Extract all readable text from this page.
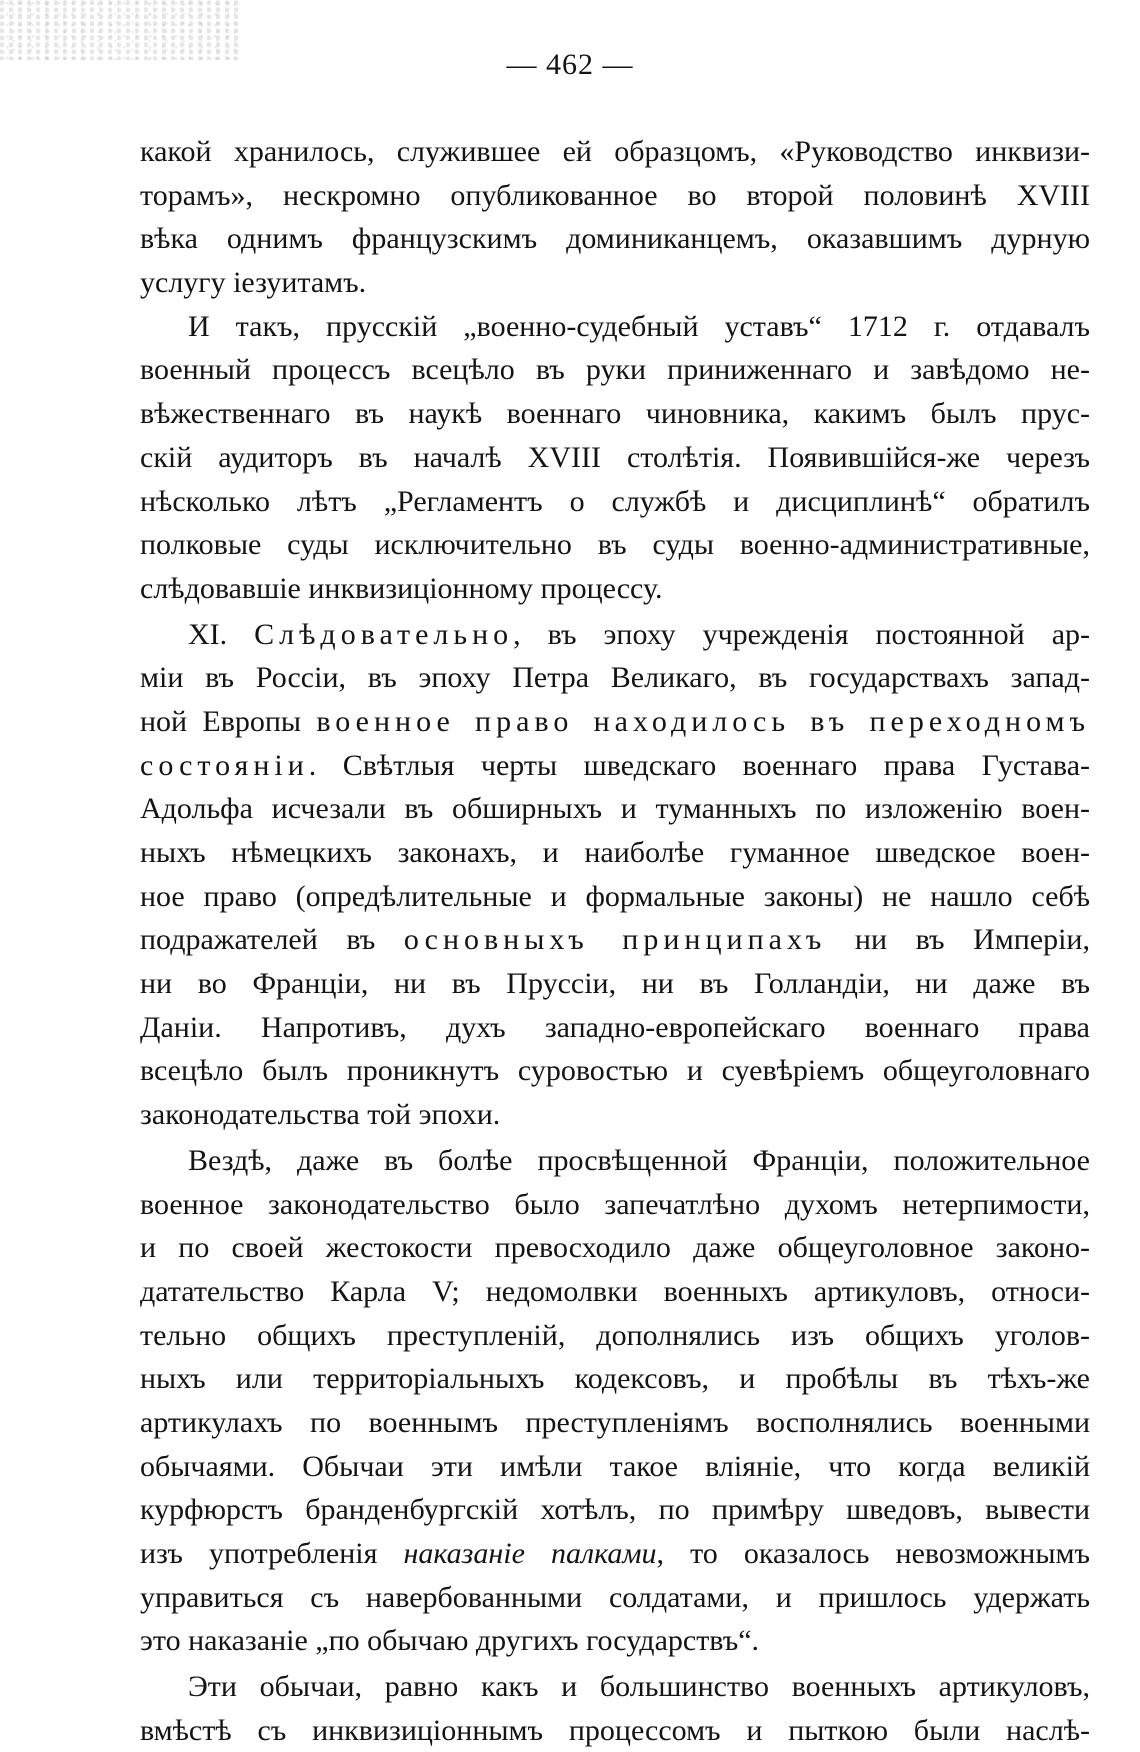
— 462 —
какой хранилось, служившее ей образцомъ, «Руководство инквизи-
торамъ», нескромно опубликованное во второй половинѣ XVIII
вѣка однимъ французскимъ доминиканцемъ, оказавшимъ дурную
услугу іезуитамъ.
И такъ, прусскій „военно-судебный уставъ“ 1712 г. отдавалъ
военный процессъ всецѣло въ руки приниженнаго и завѣдомо не-
вѣжественнаго въ наукѣ военнаго чиновника, какимъ былъ прус-
скій аудиторъ въ началѣ XVIII столѣтія. Появившійся-же черезъ
нѣсколько лѣтъ „Регламентъ о службѣ и дисциплинѣ“ обратилъ
полковые суды исключительно въ суды военно-административные,
слѣдовавшіе инквизиціонному процессу.
XI. Слѣдовательно, въ эпоху учрежденія постоянной ар-
міи въ Россіи, въ эпоху Петра Великаго, въ государствахъ запад-
ной Европы военное право находилось въ переходномъ
состояніи. Свѣтлыя черты шведскаго военнаго права Густава-
Адольфа исчезали въ обширныхъ и туманныхъ по изложенію воен-
ныхъ нѣмецкихъ законахъ, и наиболѣе гуманное шведское воен-
ное право (опредѣлительные и формальные законы) не нашло себѣ
подражателей въ основныхъ принципахъ ни въ Имперіи,
ни во Франціи, ни въ Пруссіи, ни въ Голландіи, ни даже въ
Даніи. Напротивъ, духъ западно-европейскаго военнаго права
всецѣло былъ проникнутъ суровостью и суевѣріемъ общеуголовнаго
законодательства той эпохи.
Вездѣ, даже въ болѣе просвѣщенной Франціи, положительное
военное законодательство было запечатлѣно духомъ нетерпимости,
и по своей жестокости превосходило даже общеуголовное законо-
датательство Карла V; недомолвки военныхъ артикуловъ, относи-
тельно общихъ преступленій, дополнялись изъ общихъ уголов-
ныхъ или территоріальныхъ кодексовъ, и пробѣлы въ тѣхъ-же
артикулахъ по военнымъ преступленіямъ восполнялись военными
обычаями. Обычаи эти имѣли такое вліяніе, что когда великій
курфюрстъ бранденбургскій хотѣлъ, по примѣру шведовъ, вывести
изъ употребленія наказаніе палками, то оказалось невозможнымъ
управиться съ навербованными солдатами, и пришлось удержать
это наказаніе „по обычаю другихъ государствъ“.
Эти обычаи, равно какъ и большинство военныхъ артикуловъ,
вмѣстѣ съ инквизиціоннымъ процессомъ и пыткою были наслѣ-
